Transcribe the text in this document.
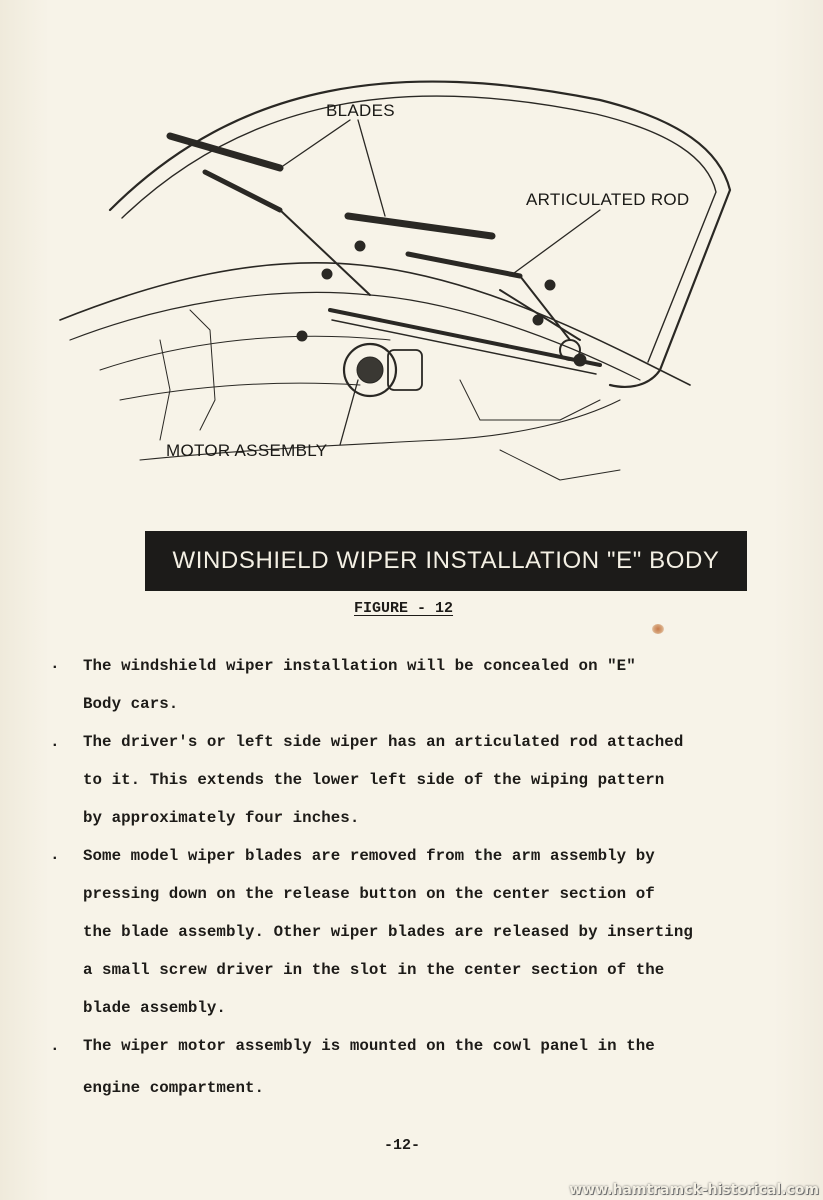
BLADES
ARTICULATED ROD
MOTOR ASSEMBLY
WINDSHIELD WIPER INSTALLATION "E" BODY
FIGURE - 12
. The windshield wiper installation will be concealed on "E"
Body cars.
. The driver's or left side wiper has an articulated rod attached
to it. This extends the lower left side of the wiping pattern
by approximately four inches.
. Some model wiper blades are removed from the arm assembly by
pressing down on the release button on the center section of
the blade assembly. Other wiper blades are released by inserting
a small screw driver in the slot in the center section of the
blade assembly.
. The wiper motor assembly is mounted on the cowl panel in the
engine compartment.
-12-
www.hamtramck-historical.com
